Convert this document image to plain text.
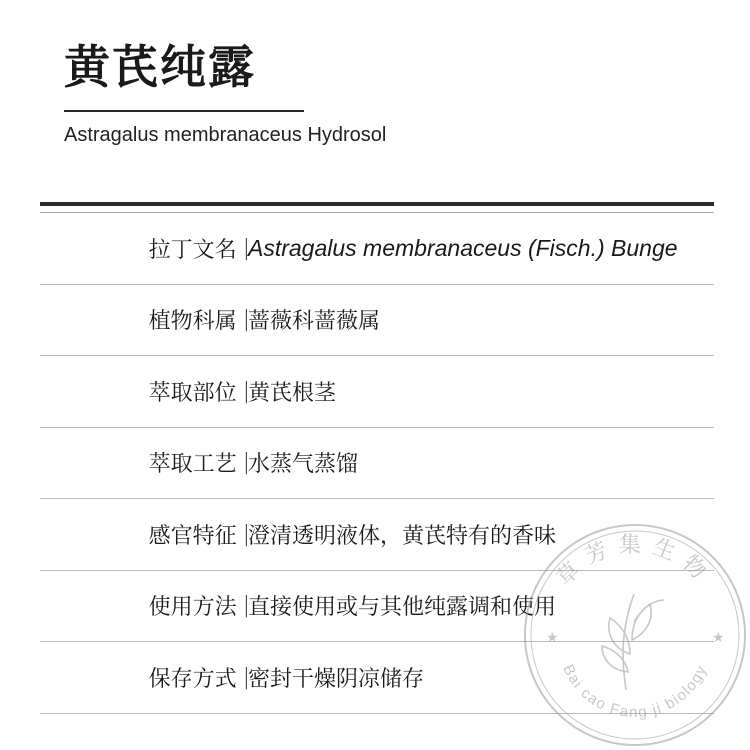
黄芪纯露
Astragalus membranaceus Hydrosol
拉丁文名 |
Astragalus membranaceus (Fisch.) Bunge
植物科属 |
蔷薇科蔷薇属
萃取部位 |
黄芪根茎
萃取工艺 |
水蒸气蒸馏
感官特征 |
澄清透明液体，黄芪特有的香味
使用方法 |
直接使用或与其他纯露调和使用
保存方式 |
密封干燥阴凉储存
草芳集生物
Bai cao Fang ji biology
★	★
